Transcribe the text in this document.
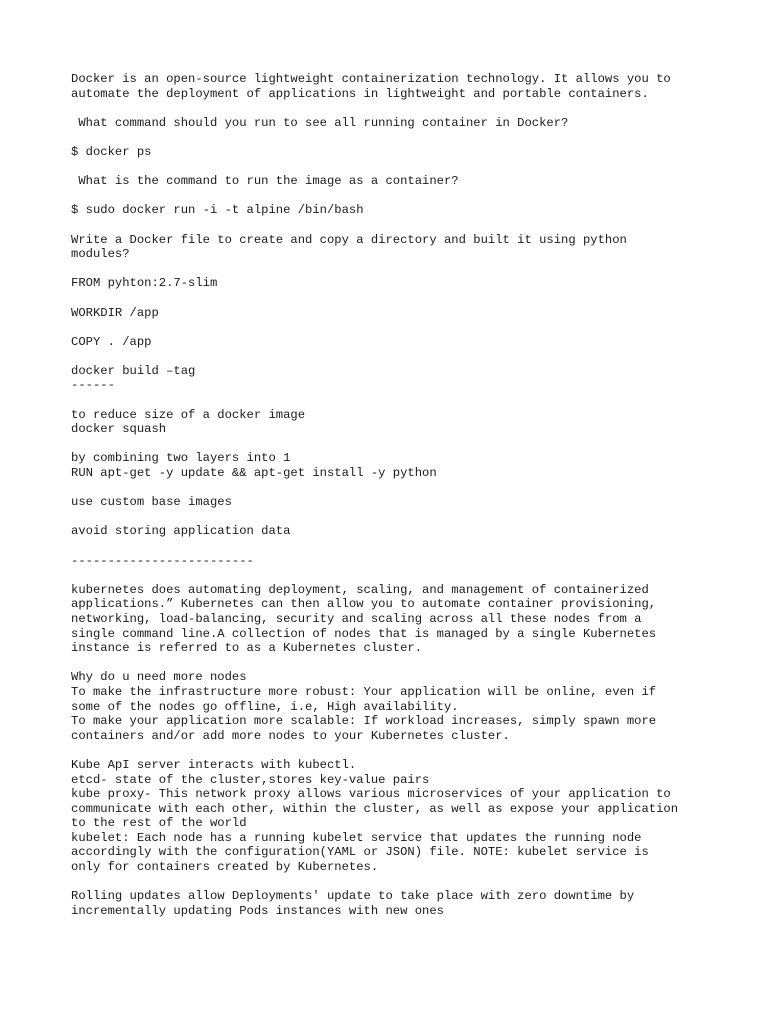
Docker is an open-source lightweight containerization technology. It allows you to
automate the deployment of applications in lightweight and portable containers.
What command should you run to see all running container in Docker?
$ docker ps
What is the command to run the image as a container?
$ sudo docker run -i -t alpine /bin/bash
Write a Docker file to create and copy a directory and built it using python
modules?
FROM pyhton:2.7-slim
WORKDIR /app
COPY . /app
docker build –tag
------
to reduce size of a docker image
docker squash
by combining two layers into 1
RUN apt-get -y update && apt-get install -y python
use custom base images
avoid storing application data
-------------------------
kubernetes does automating deployment, scaling, and management of containerized
applications.” Kubernetes can then allow you to automate container provisioning,
networking, load-balancing, security and scaling across all these nodes from a
single command line.A collection of nodes that is managed by a single Kubernetes
instance is referred to as a Kubernetes cluster.
Why do u need more nodes
To make the infrastructure more robust: Your application will be online, even if
some of the nodes go offline, i.e, High availability.
To make your application more scalable: If workload increases, simply spawn more
containers and/or add more nodes to your Kubernetes cluster.
Kube ApI server interacts with kubectl.
etcd- state of the cluster,stores key-value pairs
kube proxy- This network proxy allows various microservices of your application to
communicate with each other, within the cluster, as well as expose your application
to the rest of the world
kubelet: Each node has a running kubelet service that updates the running node
accordingly with the configuration(YAML or JSON) file. NOTE: kubelet service is
only for containers created by Kubernetes.
Rolling updates allow Deployments' update to take place with zero downtime by
incrementally updating Pods instances with new ones
